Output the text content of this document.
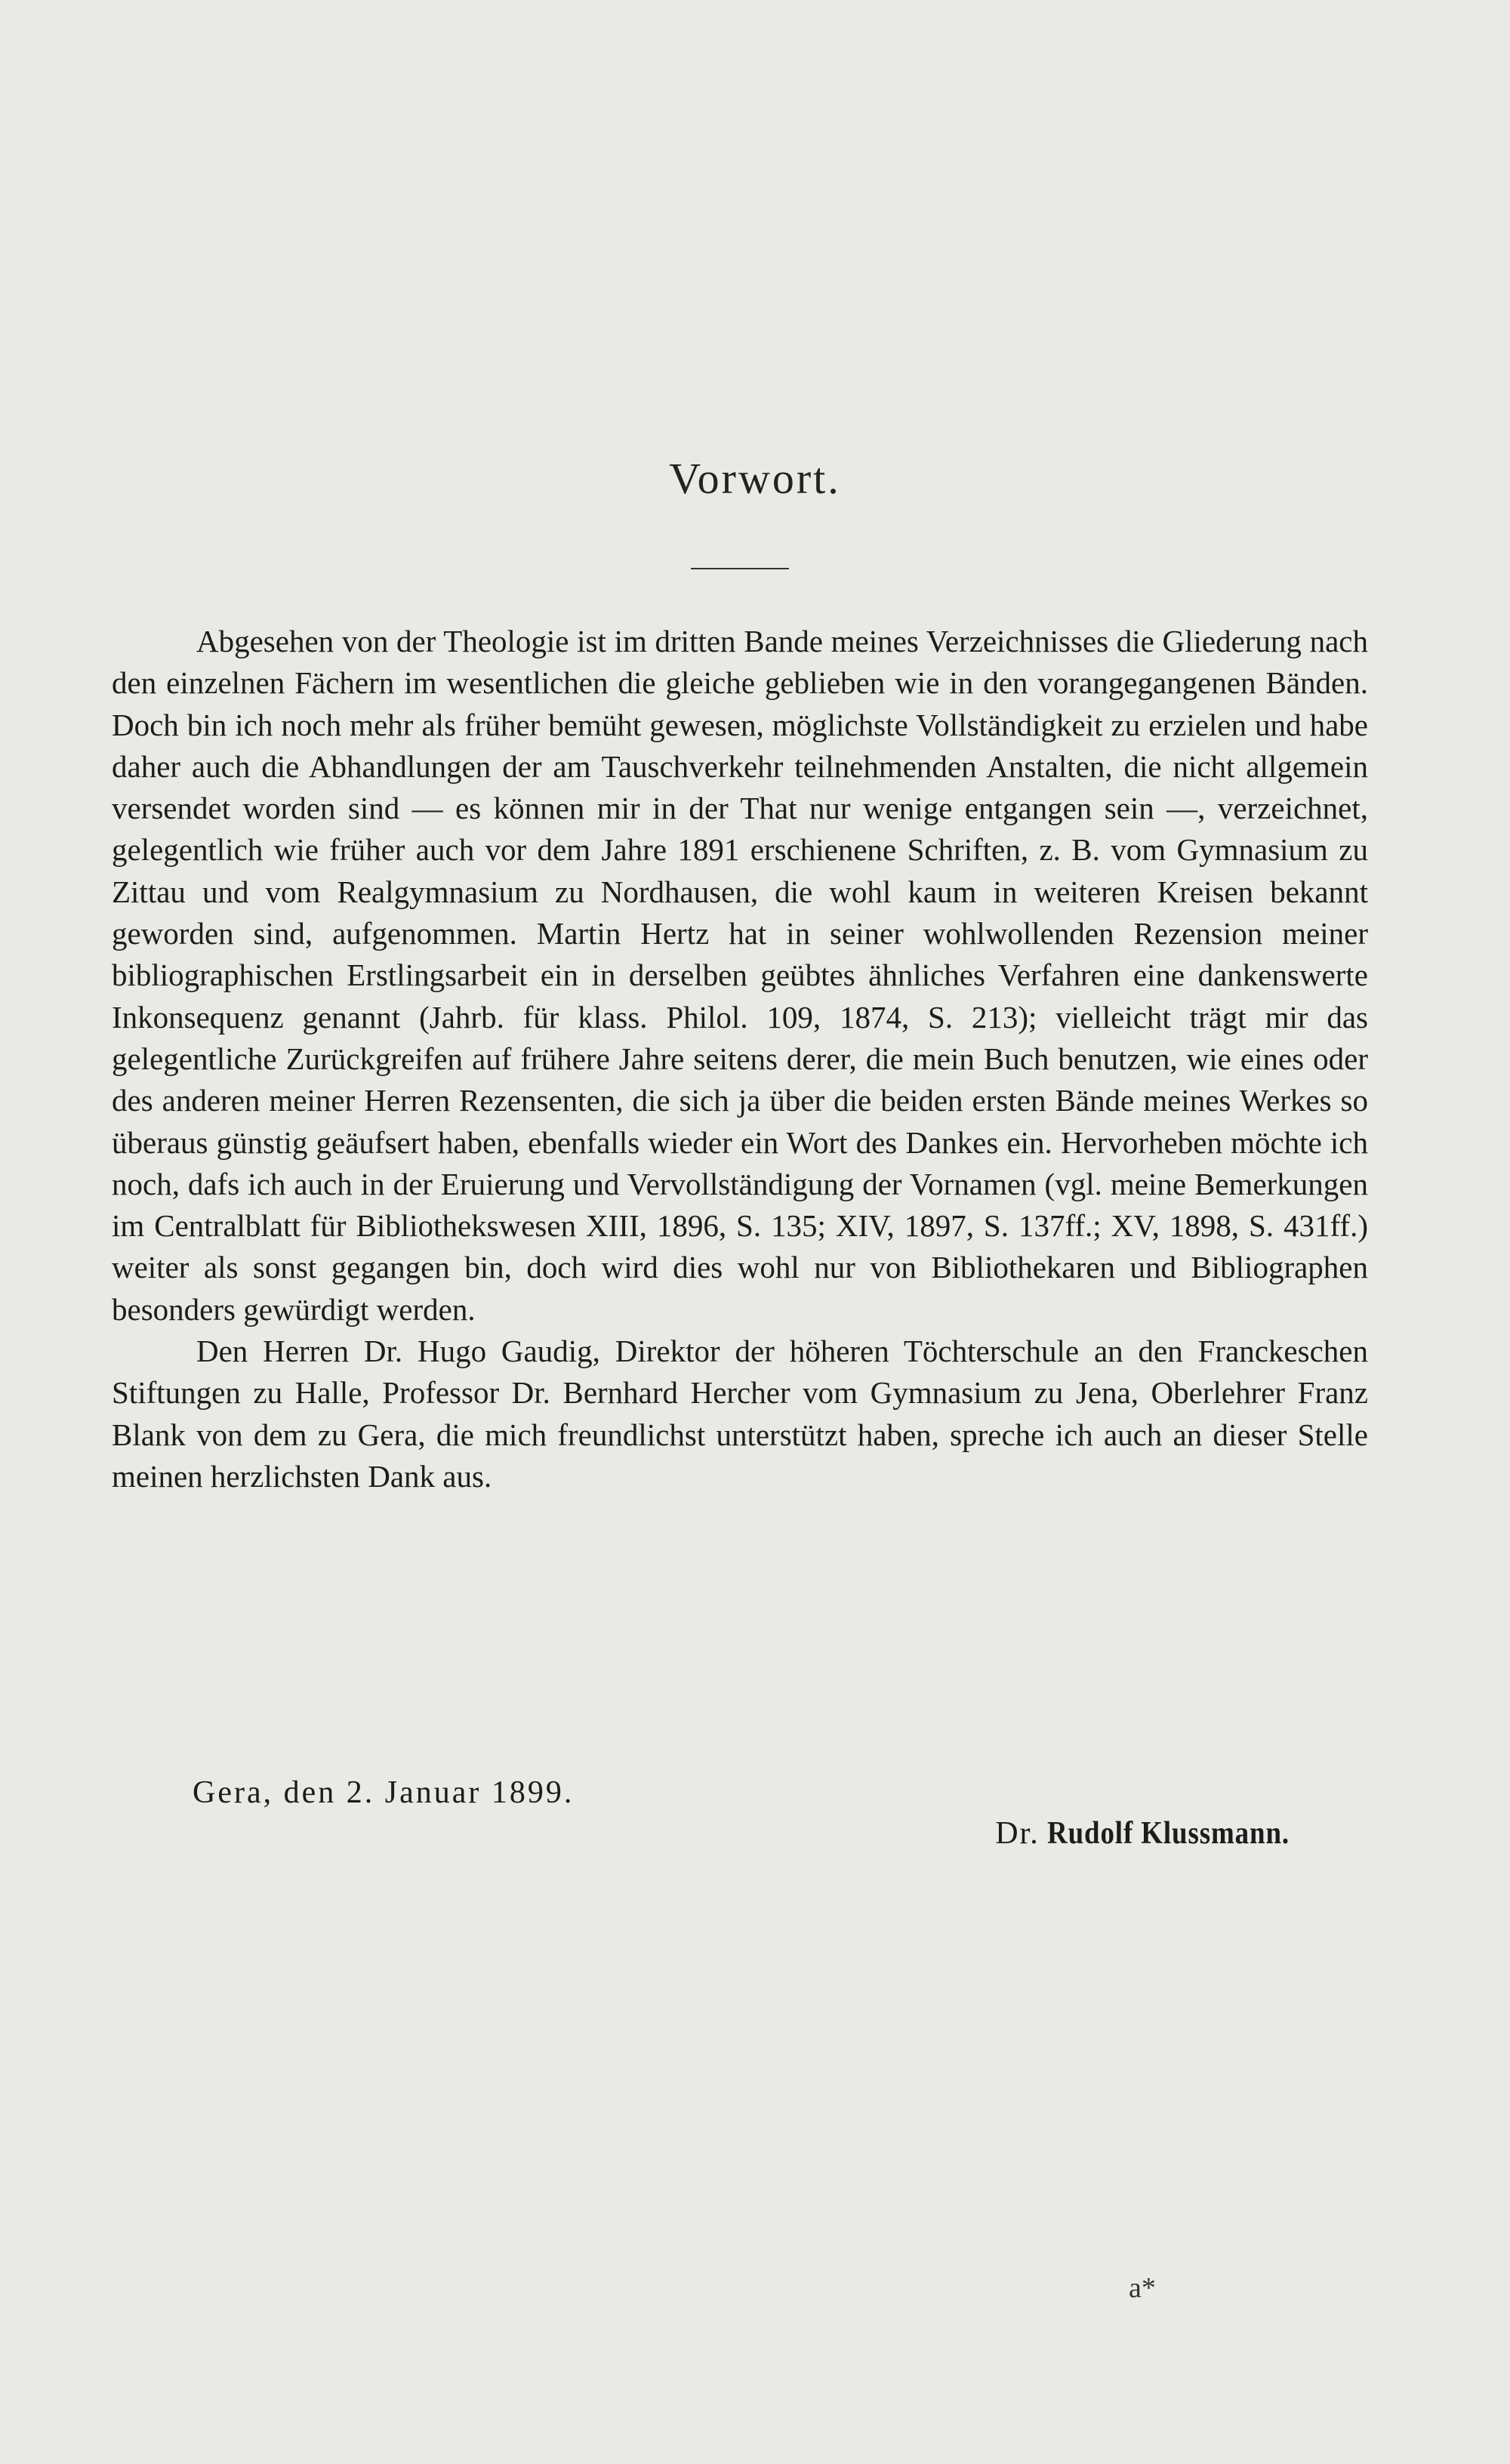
Vorwort.

Abgesehen von der Theologie ist im dritten Bande meines Verzeichnisses die Gliederung nach den einzelnen Fächern im wesentlichen die gleiche geblieben wie in den vorangegangenen Bänden. Doch bin ich noch mehr als früher bemüht gewesen, möglichste Vollständigkeit zu erzielen und habe daher auch die Abhandlungen der am Tauschverkehr teilnehmenden Anstalten, die nicht allgemein versendet worden sind — es können mir in der That nur wenige entgangen sein —, verzeichnet, gelegentlich wie früher auch vor dem Jahre 1891 erschienene Schriften, z. B. vom Gymnasium zu Zittau und vom Realgymnasium zu Nordhausen, die wohl kaum in weiteren Kreisen bekannt geworden sind, aufgenommen. Martin Hertz hat in seiner wohlwollenden Rezension meiner bibliographischen Erstlingsarbeit ein in derselben geübtes ähnliches Verfahren eine dankenswerte Inkonsequenz genannt (Jahrb. für klass. Philol. 109, 1874, S. 213); vielleicht trägt mir das gelegentliche Zurückgreifen auf frühere Jahre seitens derer, die mein Buch benutzen, wie eines oder des anderen meiner Herren Rezensenten, die sich ja über die beiden ersten Bände meines Werkes so überaus günstig geäufsert haben, ebenfalls wieder ein Wort des Dankes ein. Hervorheben möchte ich noch, dafs ich auch in der Eruierung und Vervollständigung der Vornamen (vgl. meine Bemerkungen im Centralblatt für Bibliothekswesen XIII, 1896, S. 135; XIV, 1897, S. 137ff.; XV, 1898, S. 431ff.) weiter als sonst gegangen bin, doch wird dies wohl nur von Bibliothekaren und Bibliographen besonders gewürdigt werden.

Den Herren Dr. Hugo Gaudig, Direktor der höheren Töchterschule an den Franckeschen Stiftungen zu Halle, Professor Dr. Bernhard Hercher vom Gymnasium zu Jena, Oberlehrer Franz Blank von dem zu Gera, die mich freundlichst unterstützt haben, spreche ich auch an dieser Stelle meinen herzlichsten Dank aus.

Gera, den 2. Januar 1899.

Dr. Rudolf Klussmann.

a*
